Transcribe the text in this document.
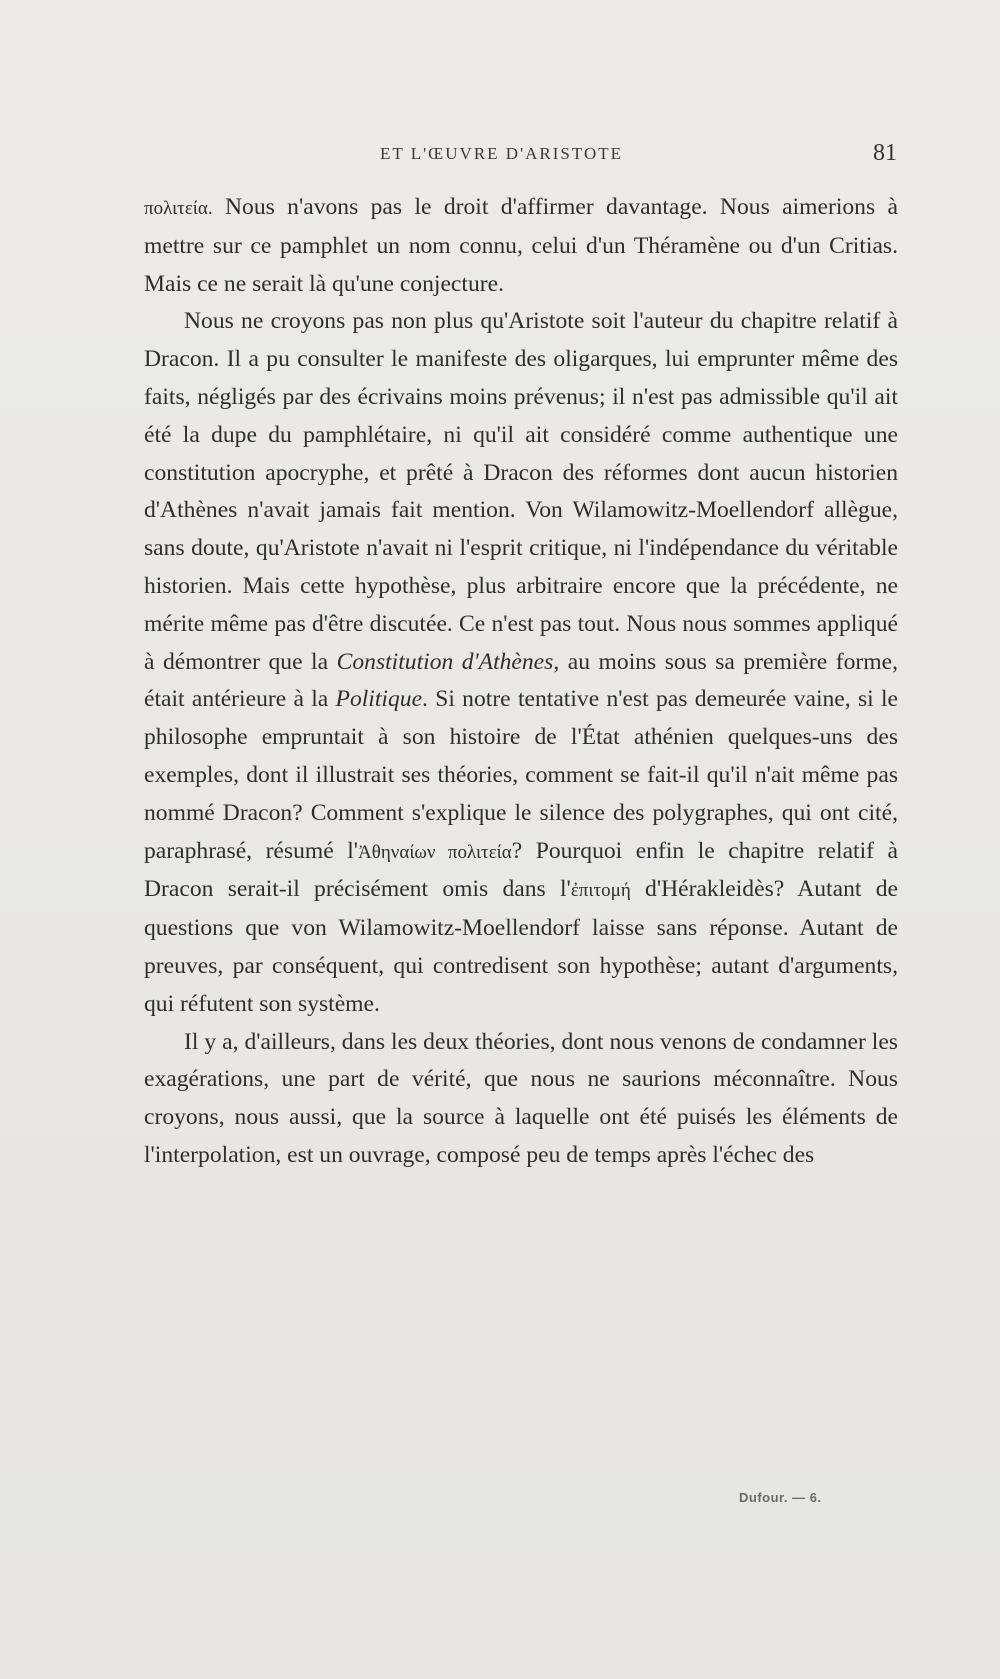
ET L'ŒUVRE D'ARISTOTE	81

πολιτεία. Nous n'avons pas le droit d'affirmer davantage. Nous aimerions à mettre sur ce pamphlet un nom connu, celui d'un Théramène ou d'un Critias. Mais ce ne serait là qu'une conjecture.

Nous ne croyons pas non plus qu'Aristote soit l'auteur du chapitre relatif à Dracon. Il a pu consulter le manifeste des oligarques, lui emprunter même des faits, négligés par des écrivains moins prévenus; il n'est pas admissible qu'il ait été la dupe du pamphlétaire, ni qu'il ait considéré comme authentique une constitution apocryphe, et prêté à Dracon des réformes dont aucun historien d'Athènes n'avait jamais fait mention. Von Wilamowitz-Moellendorf allègue, sans doute, qu'Aristote n'avait ni l'esprit critique, ni l'indépendance du véritable historien. Mais cette hypothèse, plus arbitraire encore que la précédente, ne mérite même pas d'être discutée. Ce n'est pas tout. Nous nous sommes appliqué à démontrer que la Constitution d'Athènes, au moins sous sa première forme, était antérieure à la Politique. Si notre tentative n'est pas demeurée vaine, si le philosophe empruntait à son histoire de l'État athénien quelques-uns des exemples, dont il illustrait ses théories, comment se fait-il qu'il n'ait même pas nommé Dracon? Comment s'explique le silence des polygraphes, qui ont cité, paraphrasé, résumé l'Ἀθηναίων πολιτεία? Pourquoi enfin le chapitre relatif à Dracon serait-il précisément omis dans l'ἐπιτομή d'Hérakleidès? Autant de questions que von Wilamowitz-Moellendorf laisse sans réponse. Autant de preuves, par conséquent, qui contredisent son hypothèse; autant d'arguments, qui réfutent son système.

Il y a, d'ailleurs, dans les deux théories, dont nous venons de condamner les exagérations, une part de vérité, que nous ne saurions méconnaître. Nous croyons, nous aussi, que la source à laquelle ont été puisés les éléments de l'interpolation, est un ouvrage, composé peu de temps après l'échec des

Dufour. — 6.
